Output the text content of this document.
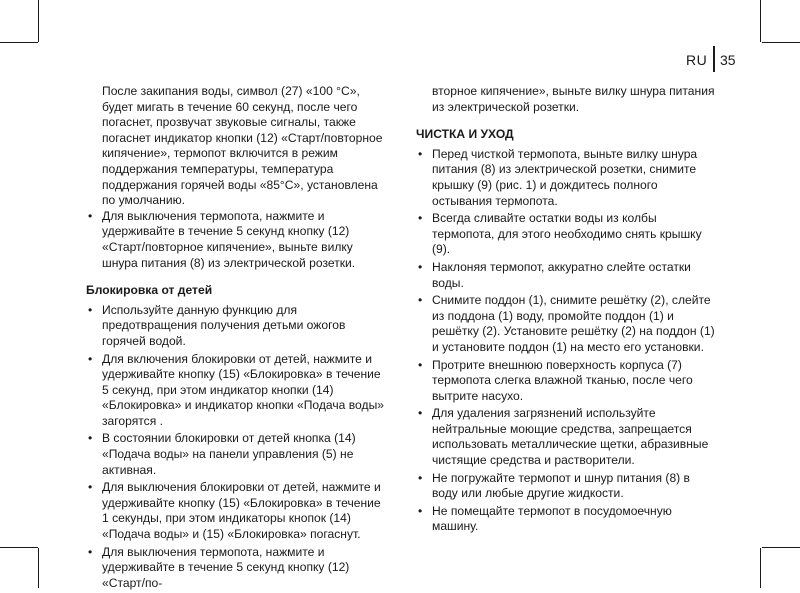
RU 35

После закипания воды, символ (27) «100 °С», будет мигать в течение 60 секунд, после чего погаснет, прозвучат звуковые сигналы, также погаснет индикатор кнопки (12) «Старт/повторное кипячение», термопот включится в режим поддержания температуры, температура поддержания горячей воды «85°С», установлена по умолчанию.

• Для выключения термопота, нажмите и удерживайте в течение 5 секунд кнопку (12) «Старт/повторное кипячение», выньте вилку шнура питания (8) из электрической розетки.
Блокировка от детей
• Используйте данную функцию для предотвращения получения детьми ожогов горячей водой.
• Для включения блокировки от детей, нажмите и удерживайте кнопку (15) «Блокировка» в течение 5 секунд, при этом индикатор кнопки (14) «Блокировка» и индикатор кнопки «Подача воды» загорятся .
• В состоянии блокировки от детей кнопка (14) «Подача воды» на панели управления (5) не активная.
• Для выключения блокировки от детей, нажмите и удерживайте кнопку (15) «Блокировка» в течение 1 секунды, при этом индикаторы кнопок (14) «Подача воды» и (15) «Блокировка» погаснут.
• Для выключения термопота, нажмите и удерживайте в течение 5 секунд кнопку (12) «Старт/по-

вторное кипячение», выньте вилку шнура питания из электрической розетки.

ЧИСТКА И УХОД
• Перед чисткой термопота, выньте вилку шнура питания (8) из электрической розетки, снимите крышку (9) (рис. 1) и дождитесь полного остывания термопота.
• Всегда сливайте остатки воды из колбы термопота, для этого необходимо снять крышку (9).
• Наклоняя термопот, аккуратно слейте остатки воды.
• Снимите поддон (1), снимите решётку (2), слейте из поддона (1) воду, промойте поддон (1) и решётку (2). Установите решётку (2) на поддон (1) и установите поддон (1) на место его установки.
• Протрите внешнюю поверхность корпуса (7) термопота слегка влажной тканью, после чего вытрите насухо.
• Для удаления загрязнений используйте нейтральные моющие средства, запрещается использовать металлические щетки, абразивные чистящие средства и растворители.
• Не погружайте термопот и шнур питания (8) в воду или любые другие жидкости.
• Не помещайте термопот в посудомоечную машину.
